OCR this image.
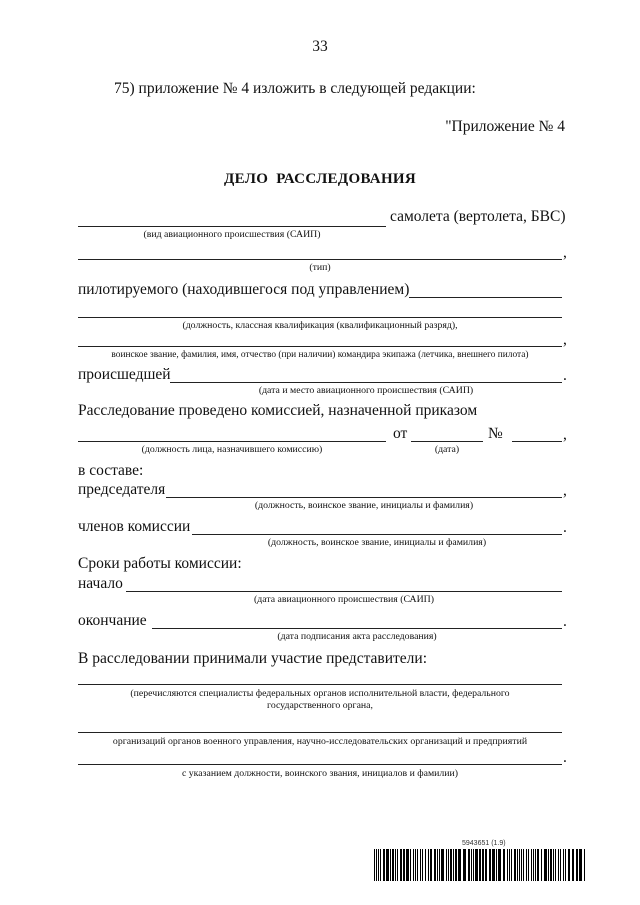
33
75) приложение № 4 изложить в следующей редакции:
"Приложение № 4
ДЕЛО  РАССЛЕДОВАНИЯ
самолета (вертолета, БВС)
(вид авиационного происшествия (САИП)
,
(тип)
пилотируемого (находившегося под управлением)
(должность, классная квалификация (квалификационный разряд),
,
воинское звание, фамилия, имя, отчество (при наличии) командира экипажа (летчика, внешнего пилота)
происшедшей	.
(дата и место авиационного происшествия (САИП)
Расследование проведено комиссией, назначенной приказом
от	№	,
(должность лица, назначившего комиссию)	(дата)
в составе:
председателя	,
(должность, воинское звание, инициалы и фамилия)
членов комиссии	.
(должность, воинское звание, инициалы и фамилия)
Сроки работы комиссии:
начало
(дата авиационного происшествия (САИП)
окончание	.
(дата подписания акта расследования)
В расследовании принимали участие представители:
(перечисляются специалисты федеральных органов исполнительной власти, федерального
государственного органа,
организаций органов военного управления, научно-исследовательских организаций и предприятий
.
с указанием должности, воинского звания, инициалов и фамилии)
5943651 (1.9)
